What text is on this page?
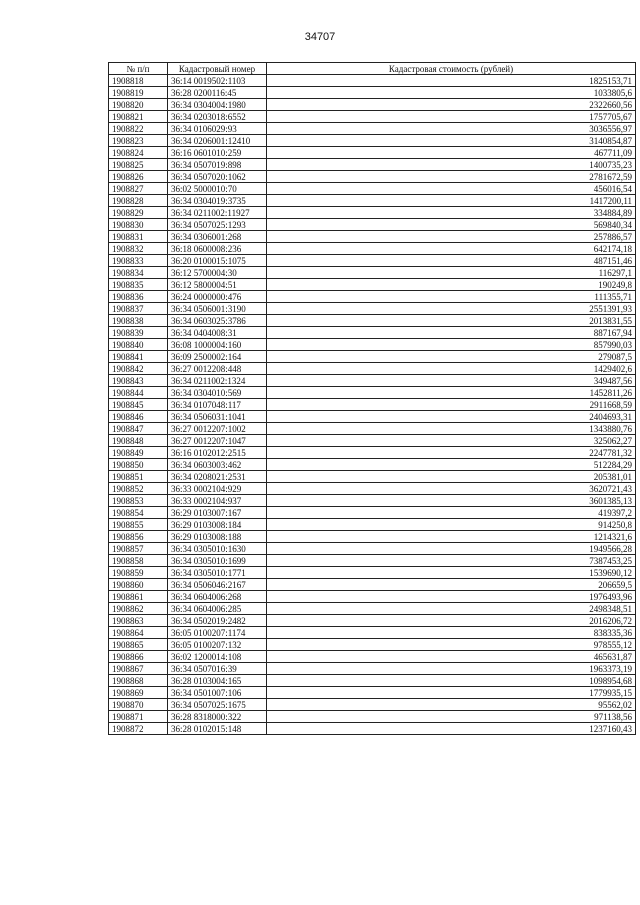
34707
№ п/п	Кадастровый номер	Кадастровая стоимость (рублей)
1908818	36:14 0019502:1103	1825153,71
1908819	36:28 0200116:45	1033805,6
1908820	36:34 0304004:1980	2322660,56
1908821	36:34 0203018:6552	1757705,67
1908822	36:34 0106029:93	3036556,97
1908823	36:34 0206001:12410	3140854,87
1908824	36:16 0601010:259	467711,09
1908825	36:34 0507019:898	1400735,23
1908826	36:34 0507020:1062	2781672,59
1908827	36:02 5000010:70	456016,54
1908828	36:34 0304019:3735	1417200,11
1908829	36:34 0211002:11927	334884,89
1908830	36:34 0507025:1293	569840,34
1908831	36:34 0306001:268	257886,57
1908832	36:18 0600008:236	642174,18
1908833	36:20 0100015:1075	487151,46
1908834	36:12 5700004:30	116297,1
1908835	36:12 5800004:51	190249,8
1908836	36:24 0000000:476	111355,71
1908837	36:34 0506001:3190	2551391,93
1908838	36:34 0603025:3786	2013831,55
1908839	36:34 0404008:31	887167,94
1908840	36:08 1000004:160	857990,03
1908841	36:09 2500002:164	279087,5
1908842	36:27 0012208:448	1429402,6
1908843	36:34 0211002:1324	349487,56
1908844	36:34 0304010:569	1452811,26
1908845	36:34 0107048:117	2911668,59
1908846	36:34 0506031:1041	2404693,31
1908847	36:27 0012207:1002	1343880,76
1908848	36:27 0012207:1047	325062,27
1908849	36:16 0102012:2515	2247781,32
1908850	36:34 0603003:462	512284,29
1908851	36:34 0208021:2531	205381,01
1908852	36:33 0002104:929	3620721,43
1908853	36:33 0002104:937	3601385,13
1908854	36:29 0103007:167	419397,2
1908855	36:29 0103008:184	914250,8
1908856	36:29 0103008:188	1214321,6
1908857	36:34 0305010:1630	1949566,28
1908858	36:34 0305010:1699	7387453,25
1908859	36:34 0305010:1771	1539690,12
1908860	36:34 0506046:2167	206659,5
1908861	36:34 0604006:268	1976493,96
1908862	36:34 0604006:285	2498348,51
1908863	36:34 0502019:2482	2016206,72
1908864	36:05 0100207:1174	838335,36
1908865	36:05 0100207:132	978555,12
1908866	36:02 1200014:108	465631,87
1908867	36:34 0507016:39	1963373,19
1908868	36:28 0103004:165	1098954,68
1908869	36:34 0501007:106	1779935,15
1908870	36:34 0507025:1675	95562,02
1908871	36:28 8318000:322	971138,56
1908872	36:28 0102015:148	1237160,43
